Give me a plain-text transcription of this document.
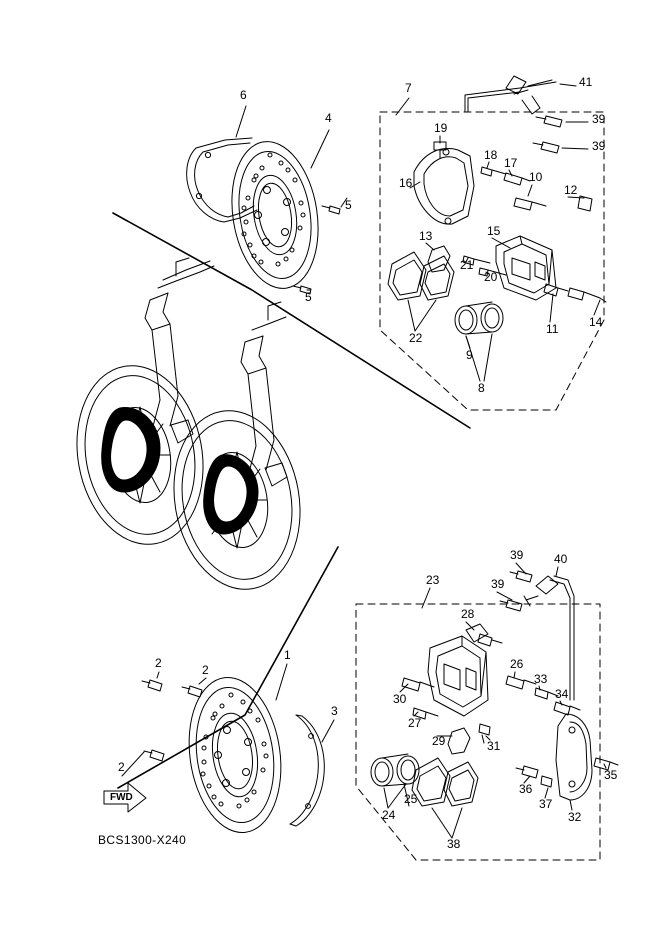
6
4
5
5
7	41
39
39
19
18
17
10
12
16
13	15
21
20
11	14
22
9
8
39	40
39
23
28
26
33
34
30
27
31
29
35
36
37
32
24
25
38
1
2	2
3
2
FWD
BCS1300-X240
